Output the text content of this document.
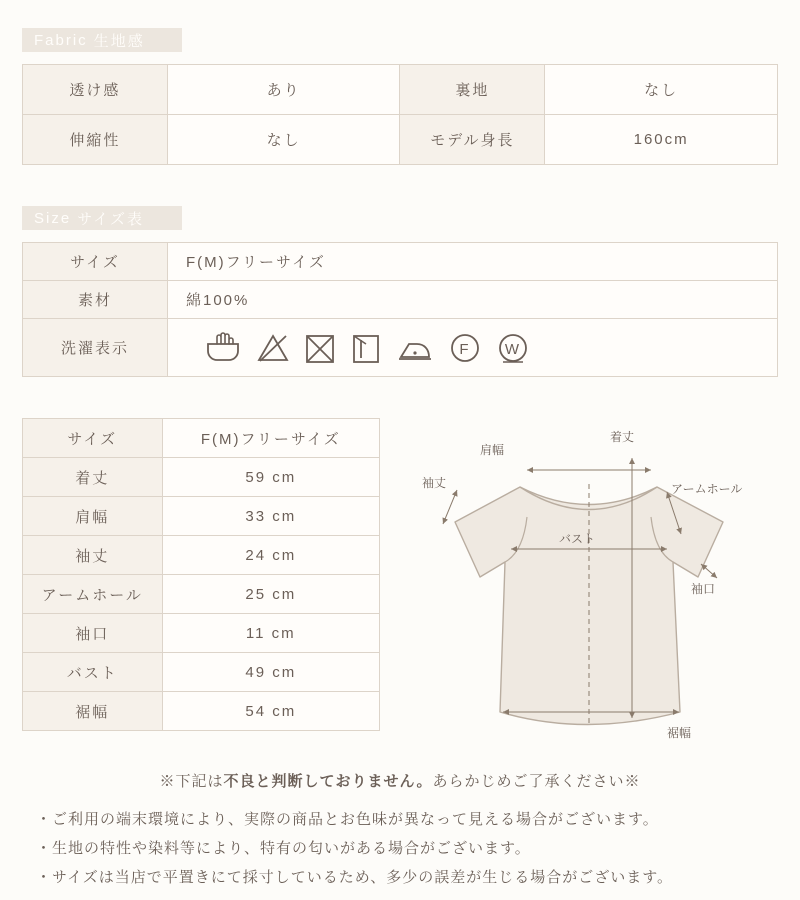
Fabric 生地感
透け感	あり	裏地	なし
伸縮性	なし	モデル身長	160cm
Size サイズ表
サイズ	F(M)フリーサイズ
素材	綿100%
洗濯表示	F W
サイズ	F(M)フリーサイズ
着丈	59 cm
肩幅	33 cm
袖丈	24 cm
アームホール	25 cm
袖口	11 cm
バスト	49 cm
裾幅	54 cm
肩幅
着丈
袖丈	アームホール
バスト
袖口
裾幅
※下記は不良と判断しておりません。あらかじめご了承ください※
・ご利用の端末環境により、実際の商品とお色味が異なって見える場合がございます。
・生地の特性や染料等により、特有の匂いがある場合がございます。
・サイズは当店で平置きにて採寸しているため、多少の誤差が生じる場合がございます。
